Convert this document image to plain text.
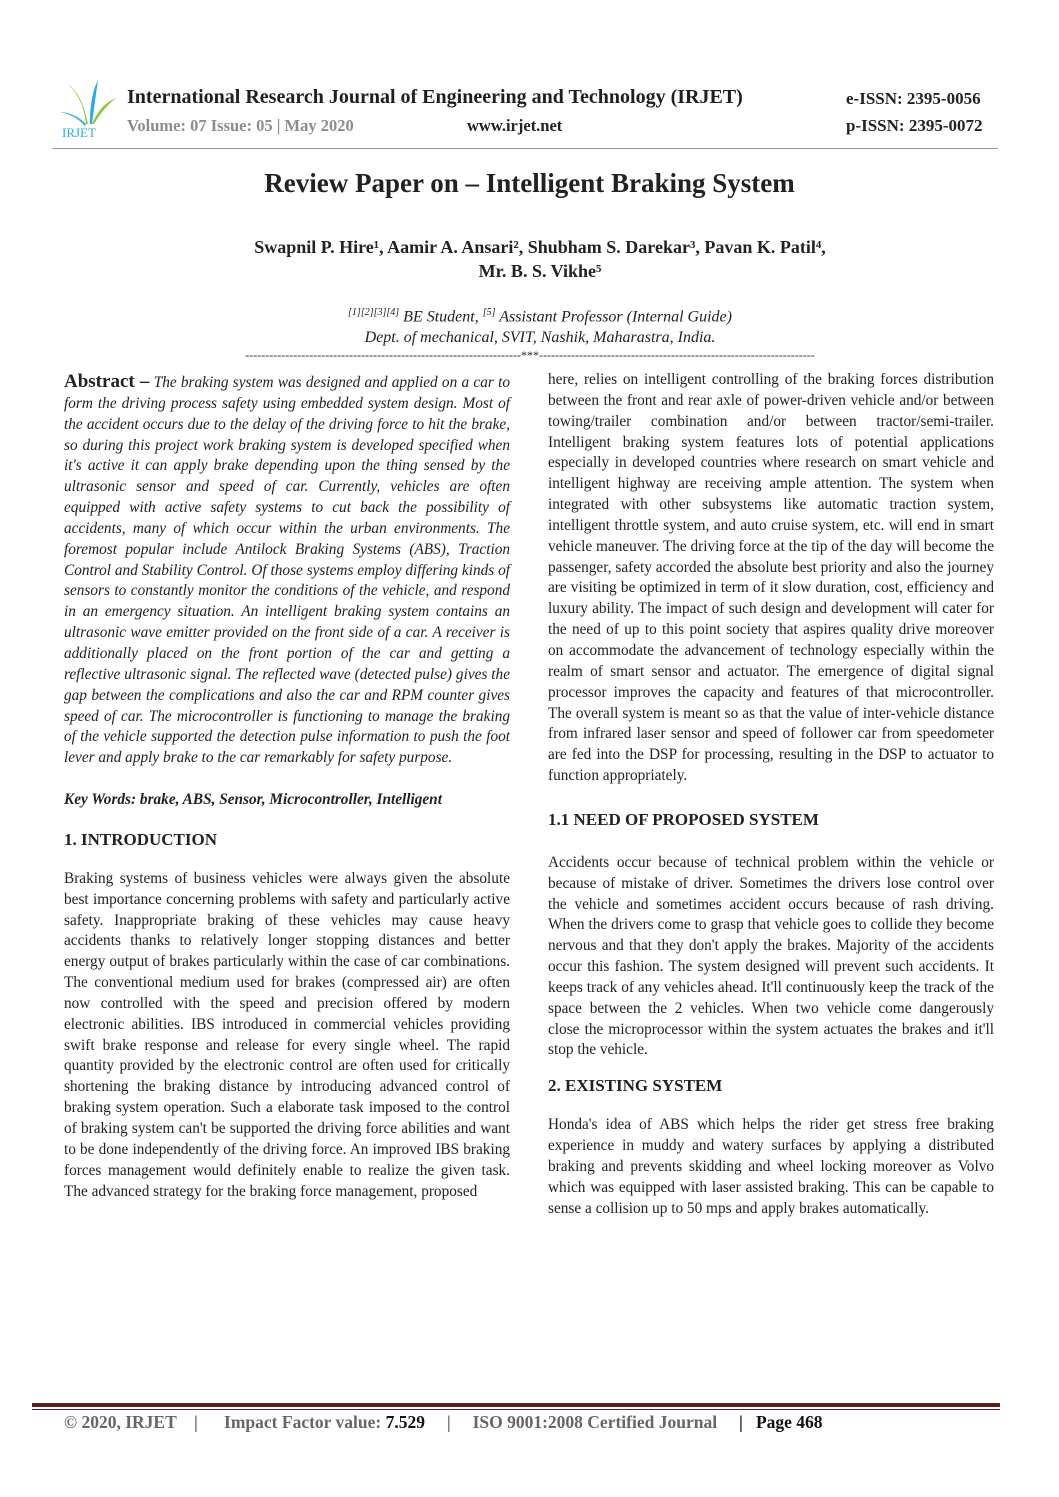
IRJET
International Research Journal of Engineering and Technology (IRJET)	e-ISSN: 2395-0056
Volume: 07 Issue: 05 | May 2020	www.irjet.net	p-ISSN: 2395-0072
Review Paper on – Intelligent Braking System
Swapnil P. Hire¹, Aamir A. Ansari², Shubham S. Darekar³, Pavan K. Patil⁴,
Mr. B. S. Vikhe⁵
[1][2][3][4] BE Student, [5] Assistant Professor (Internal Guide)
Dept. of mechanical, SVIT, Nashik, Maharastra, India.
---------------------------------------------------------------------***---------------------------------------------------------------------

Abstract – The braking system was designed and applied on a car to form the driving process safety using embedded system design. Most of the accident occurs due to the delay of the driving force to hit the brake, so during this project work braking system is developed specified when it's active it can apply brake depending upon the thing sensed by the ultrasonic sensor and speed of car. Currently, vehicles are often equipped with active safety systems to cut back the possibility of accidents, many of which occur within the urban environments. The foremost popular include Antilock Braking Systems (ABS), Traction Control and Stability Control. Of those systems employ differing kinds of sensors to constantly monitor the conditions of the vehicle, and respond in an emergency situation. An intelligent braking system contains an ultrasonic wave emitter provided on the front side of a car. A receiver is additionally placed on the front portion of the car and getting a reflective ultrasonic signal. The reflected wave (detected pulse) gives the gap between the complications and also the car and RPM counter gives speed of car. The microcontroller is functioning to manage the braking of the vehicle supported the detection pulse information to push the foot lever and apply brake to the car remarkably for safety purpose.

Key Words: brake, ABS, Sensor, Microcontroller, Intelligent

1. INTRODUCTION

Braking systems of business vehicles were always given the absolute best importance concerning problems with safety and particularly active safety. Inappropriate braking of these vehicles may cause heavy accidents thanks to relatively longer stopping distances and better energy output of brakes particularly within the case of car combinations. The conventional medium used for brakes (compressed air) are often now controlled with the speed and precision offered by modern electronic abilities. IBS introduced in commercial vehicles providing swift brake response and release for every single wheel. The rapid quantity provided by the electronic control are often used for critically shortening the braking distance by introducing advanced control of braking system operation. Such a elaborate task imposed to the control of braking system can't be supported the driving force abilities and want to be done independently of the driving force. An improved IBS braking forces management would definitely enable to realize the given task. The advanced strategy for the braking force management, proposed

here, relies on intelligent controlling of the braking forces distribution between the front and rear axle of power-driven vehicle and/or between towing/trailer combination and/or between tractor/semi-trailer. Intelligent braking system features lots of potential applications especially in developed countries where research on smart vehicle and intelligent highway are receiving ample attention. The system when integrated with other subsystems like automatic traction system, intelligent throttle system, and auto cruise system, etc. will end in smart vehicle maneuver. The driving force at the tip of the day will become the passenger, safety accorded the absolute best priority and also the journey are visiting be optimized in term of it slow duration, cost, efficiency and luxury ability. The impact of such design and development will cater for the need of up to this point society that aspires quality drive moreover on accommodate the advancement of technology especially within the realm of smart sensor and actuator. The emergence of digital signal processor improves the capacity and features of that microcontroller. The overall system is meant so as that the value of inter-vehicle distance from infrared laser sensor and speed of follower car from speedometer are fed into the DSP for processing, resulting in the DSP to actuator to function appropriately.

1.1 NEED OF PROPOSED SYSTEM

Accidents occur because of technical problem within the vehicle or because of mistake of driver. Sometimes the drivers lose control over the vehicle and sometimes accident occurs because of rash driving. When the drivers come to grasp that vehicle goes to collide they become nervous and that they don't apply the brakes. Majority of the accidents occur this fashion. The system designed will prevent such accidents. It keeps track of any vehicles ahead. It'll continuously keep the track of the space between the 2 vehicles. When two vehicle come dangerously close the microprocessor within the system actuates the brakes and it'll stop the vehicle.

2. EXISTING SYSTEM

Honda's idea of ABS which helps the rider get stress free braking experience in muddy and watery surfaces by applying a distributed braking and prevents skidding and wheel locking moreover as Volvo which was equipped with laser assisted braking. This can be capable to sense a collision up to 50 mps and apply brakes automatically.

© 2020, IRJET | Impact Factor value: 7.529 | ISO 9001:2008 Certified Journal | Page 468
